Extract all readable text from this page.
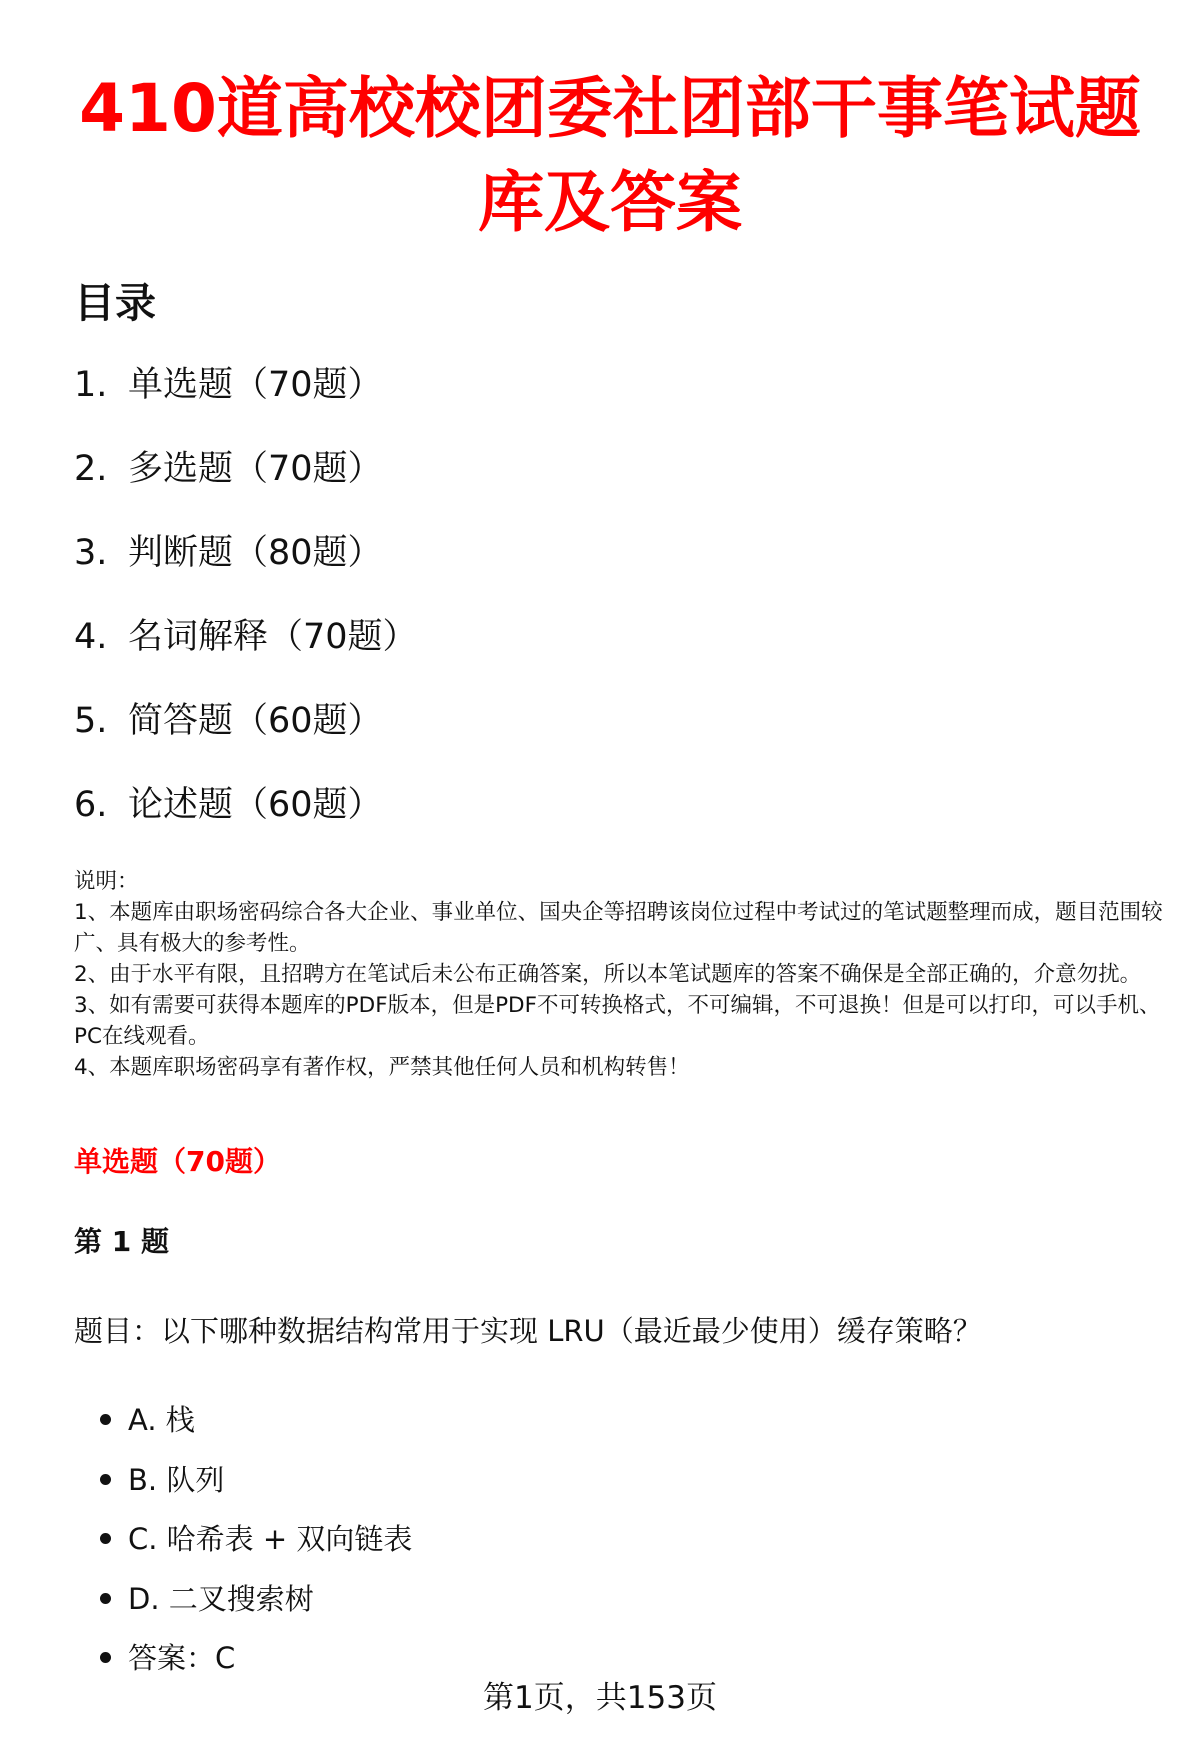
410道高校校团委社团部干事笔试题库及答案
目录
1. 单选题（70题）
2. 多选题（70题）
3. 判断题（80题）
4. 名词解释（70题）
5. 简答题（60题）
6. 论述题（60题）

说明：

1、本题库由职场密码综合各大企业、事业单位、国央企等招聘该岗位过程中考试过的笔试题整理而成，题目范围较广、具有极大的参考性。

2、由于水平有限，且招聘方在笔试后未公布正确答案，所以本笔试题库的答案不确保是全部正确的，介意勿扰。

3、如有需要可获得本题库的PDF版本，但是PDF不可转换格式，不可编辑，不可退换！但是可以打印，可以手机、PC在线观看。

4、本题库职场密码享有著作权，严禁其他任何人员和机构转售！

单选题（70题）
第 1 题

题目：以下哪种数据结构常用于实现 LRU（最近最少使用）缓存策略？

A. 栈
B. 队列
C. 哈希表 + 双向链表
D. 二叉搜索树
答案：C
第1页，共153页
